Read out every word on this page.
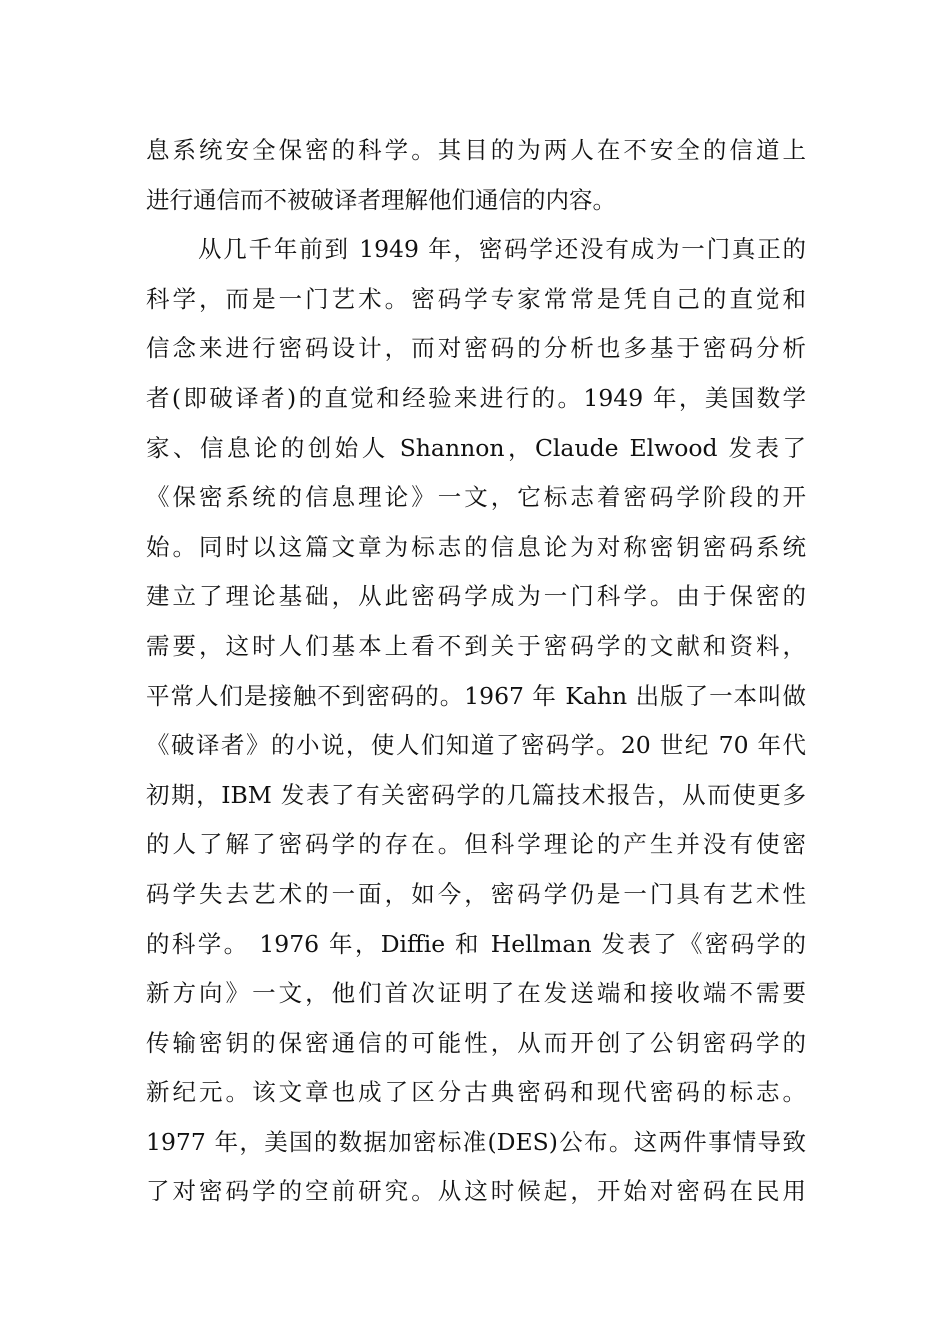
息系统安全保密的科学。其目的为两人在不安全的信道上
进行通信而不被破译者理解他们通信的内容。
从几千年前到 1949 年，密码学还没有成为一门真正的
科学，而是一门艺术。密码学专家常常是凭自己的直觉和
信念来进行密码设计，而对密码的分析也多基于密码分析
者(即破译者)的直觉和经验来进行的。1949 年，美国数学
家、信息论的创始人 Shannon，Claude Elwood 发表了
《保密系统的信息理论》一文，它标志着密码学阶段的开
始。同时以这篇文章为标志的信息论为对称密钥密码系统
建立了理论基础，从此密码学成为一门科学。由于保密的
需要，这时人们基本上看不到关于密码学的文献和资料，
平常人们是接触不到密码的。1967 年 Kahn 出版了一本叫做
《破译者》的小说，使人们知道了密码学。20 世纪 70 年代
初期，IBM 发表了有关密码学的几篇技术报告，从而使更多
的人了解了密码学的存在。但科学理论的产生并没有使密
码学失去艺术的一面，如今，密码学仍是一门具有艺术性
的科学。 1976 年，Diffie 和 Hellman 发表了《密码学的
新方向》一文，他们首次证明了在发送端和接收端不需要
传输密钥的保密通信的可能性，从而开创了公钥密码学的
新纪元。该文章也成了区分古典密码和现代密码的标志。
1977 年，美国的数据加密标准(DES)公布。这两件事情导致
了对密码学的空前研究。从这时候起，开始对密码在民用
